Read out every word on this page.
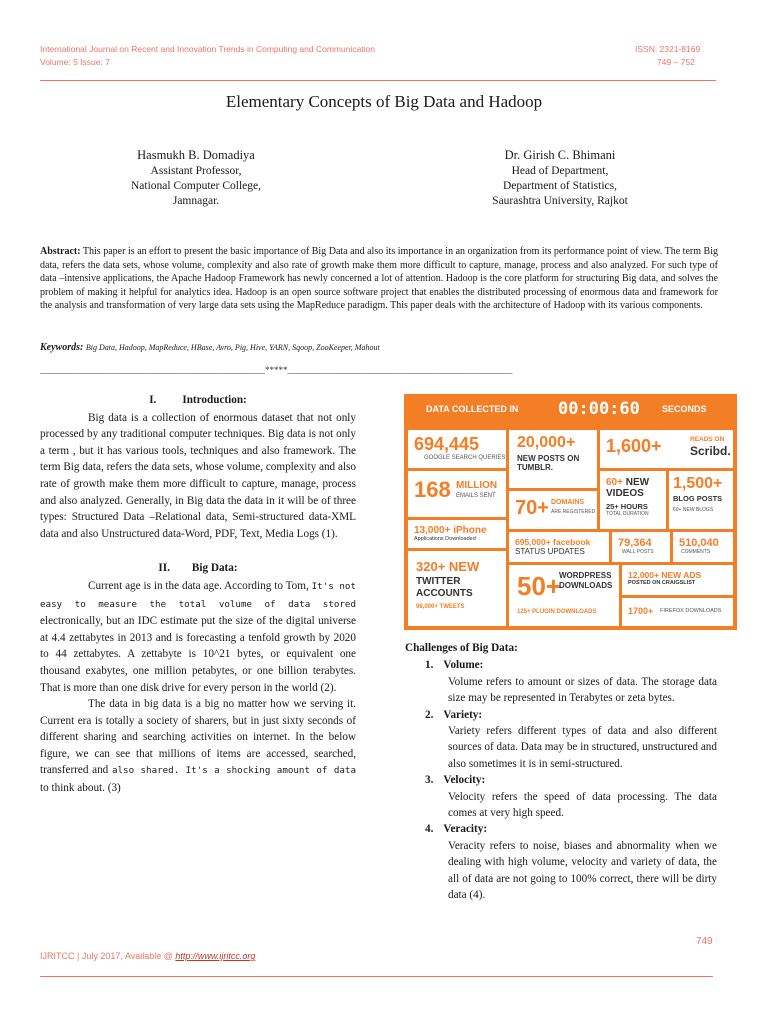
International Journal on Recent and Innovation Trends in Computing and Communication
Volume: 5 Issue: 7
ISSN: 2321-8169
749 – 752
Elementary Concepts of Big Data and Hadoop
Hasmukh B. Domadiya
Assistant Professor,
National Computer College,
Jamnagar.
Dr. Girish C. Bhimani
Head of Department,
Department of Statistics,
Saurashtra University, Rajkot
Abstract: This paper is an effort to present the basic importance of Big Data and also its importance in an organization from its performance point of view. The term Big data, refers the data sets, whose volume, complexity and also rate of growth make them more difficult to capture, manage, process and also analyzed. For such type of data –intensive applications, the Apache Hadoop Framework has newly concerned a lot of attention. Hadoop is the core platform for structuring Big data, and solves the problem of making it helpful for analytics idea. Hadoop is an open source software project that enables the distributed processing of enormous data and framework for the analysis and transformation of very large data sets using the MapReduce paradigm. This paper deals with the architecture of Hadoop with its various components.
Keywords: Big Data, Hadoop, MapReduce, HBase, Avro, Pig, Hive, YARN, Sqoop, ZooKeeper, Mahout
__________________________________________________*****__________________________________________________

I. Introduction:

Big data is a collection of enormous dataset that not only processed by any traditional computer techniques. Big data is not only a term , but it has various tools, techniques and also framework. The term Big data, refers the data sets, whose volume, complexity and also rate of growth make them more difficult to capture, manage, process and also analyzed. Generally, in Big data the data in it will be of three types: Structured Data –Relational data, Semi-structured data-XML data and also Unstructured data-Word, PDF, Text, Media Logs (1).

II. Big Data:

Current age is in the data age. According to Tom, It's not easy to measure the total volume of data stored electronically, but an IDC estimate put the size of the digital universe at 4.4 zettabytes in 2013 and is forecasting a tenfold growth by 2020 to 44 zettabytes. A zettabyte is 10^21 bytes, or equivalent one thousand exabytes, one million petabytes, or one billion terabytes. That is more than one disk drive for every person in the world (2).

The data in big data is a big no matter how we serving it. Current era is totally a society of sharers, but in just sixty seconds of different sharing and searching activities on internet. In the below figure, we can see that millions of items are accessed, searched, transferred and also shared. It's a shocking amount of data to think about. (3)

DATA COLLECTED IN 00:00:60 SECONDS
694,445
GOOGLE SEARCH QUERIES
20,000+
NEW POSTS ON TUMBLR.
1,600+	READS ON
Scribd.
168 MILLION
EMAILS SENT
70+ DOMAINS
ARE REGISTERED
60+ NEW VIDEOS
25+ HOURS
TOTAL DURATION
1,500+
BLOG POSTS
60+ NEW BLOGS
13,000+ iPhone
Applications Downloaded	695,000+ facebook
STATUS UPDATES
79,364
WALL POSTS
510,040
COMMENTS
320+ NEW
TWITTER ACCOUNTS
98,000+ TWEETS
50+
WORDPRESS DOWNLOADS
125+ PLUGIN DOWNLOADS
12,000+ NEW ADS
POSTED ON CRAIGSLIST
1700+ FIREFOX DOWNLOADS
Challenges of Big Data:
1. Volume:
Volume refers to amount or sizes of data. The storage data size may be represented in Terabytes or zeta bytes.
2. Variety:
Variety refers different types of data and also different sources of data. Data may be in structured, unstructured and also sometimes it is in semi-structured.
3. Velocity:
Velocity refers the speed of data processing. The data comes at very high speed.
4. Veracity:
Veracity refers to noise, biases and abnormality when we dealing with high volume, velocity and variety of data, the all of data are not going to 100% correct, there will be dirty data (4).
749
IJRITCC | July 2017, Available @ http://www.ijritcc.org
